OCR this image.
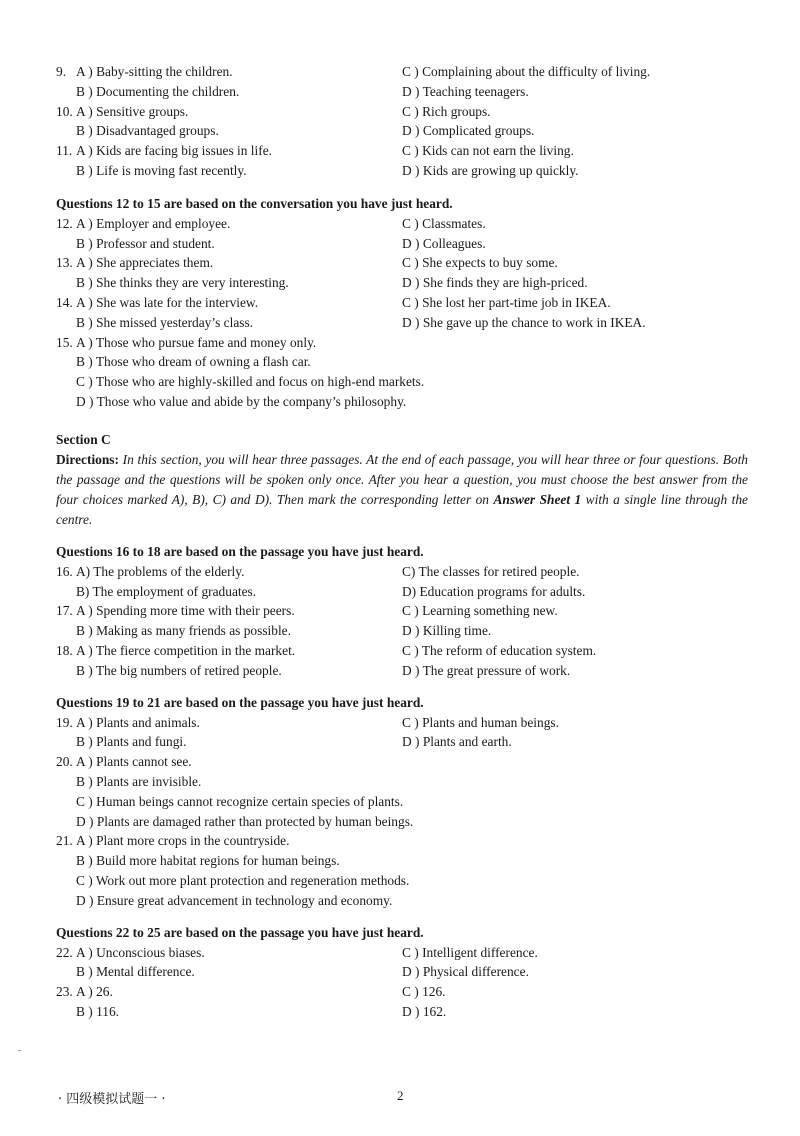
9. A ) Baby-sitting the children.	C ) Complaining about the difficulty of living.
B ) Documenting the children.	D ) Teaching teenagers.
10. A ) Sensitive groups.	C ) Rich groups.
B ) Disadvantaged groups.	D ) Complicated groups.
11. A ) Kids are facing big issues in life.	C ) Kids can not earn the living.
B ) Life is moving fast recently.	D ) Kids are growing up quickly.
Questions 12 to 15 are based on the conversation you have just heard.
12. A ) Employer and employee.	C ) Classmates.
B ) Professor and student.	D ) Colleagues.
13. A ) She appreciates them.	C ) She expects to buy some.
B ) She thinks they are very interesting.	D ) She finds they are high-priced.
14. A ) She was late for the interview.	C ) She lost her part-time job in IKEA.
B ) She missed yesterday’s class.	D ) She gave up the chance to work in IKEA.
15. A ) Those who pursue fame and money only.
B ) Those who dream of owning a flash car.
C ) Those who are highly-skilled and focus on high-end markets.
D ) Those who value and abide by the company’s philosophy.
Section C
Directions: In this section, you will hear three passages. At the end of each passage, you will hear three or four questions. Both the passage and the questions will be spoken only once. After you hear a question, you must choose the best answer from the four choices marked A), B), C) and D). Then mark the corresponding letter on Answer Sheet 1 with a single line through the centre.
Questions 16 to 18 are based on the passage you have just heard.
16. A) The problems of the elderly.	C) The classes for retired people.
B) The employment of graduates.	D) Education programs for adults.
17. A ) Spending more time with their peers.	C ) Learning something new.
B ) Making as many friends as possible.	D ) Killing time.
18. A ) The fierce competition in the market.	C ) The reform of education system.
B ) The big numbers of retired people.	D ) The great pressure of work.
Questions 19 to 21 are based on the passage you have just heard.
19. A ) Plants and animals.	C ) Plants and human beings.
B ) Plants and fungi.	D ) Plants and earth.
20. A ) Plants cannot see.
B ) Plants are invisible.
C ) Human beings cannot recognize certain species of plants.
D ) Plants are damaged rather than protected by human beings.
21. A ) Plant more crops in the countryside.
B ) Build more habitat regions for human beings.
C ) Work out more plant protection and regeneration methods.
D ) Ensure great advancement in technology and economy.
Questions 22 to 25 are based on the passage you have just heard.
22. A ) Unconscious biases.	C ) Intelligent difference.
B ) Mental difference.	D ) Physical difference.
23. A ) 26.	C ) 126.
B ) 116.	D ) 162.
· 四级模拟试题一 ·	2
